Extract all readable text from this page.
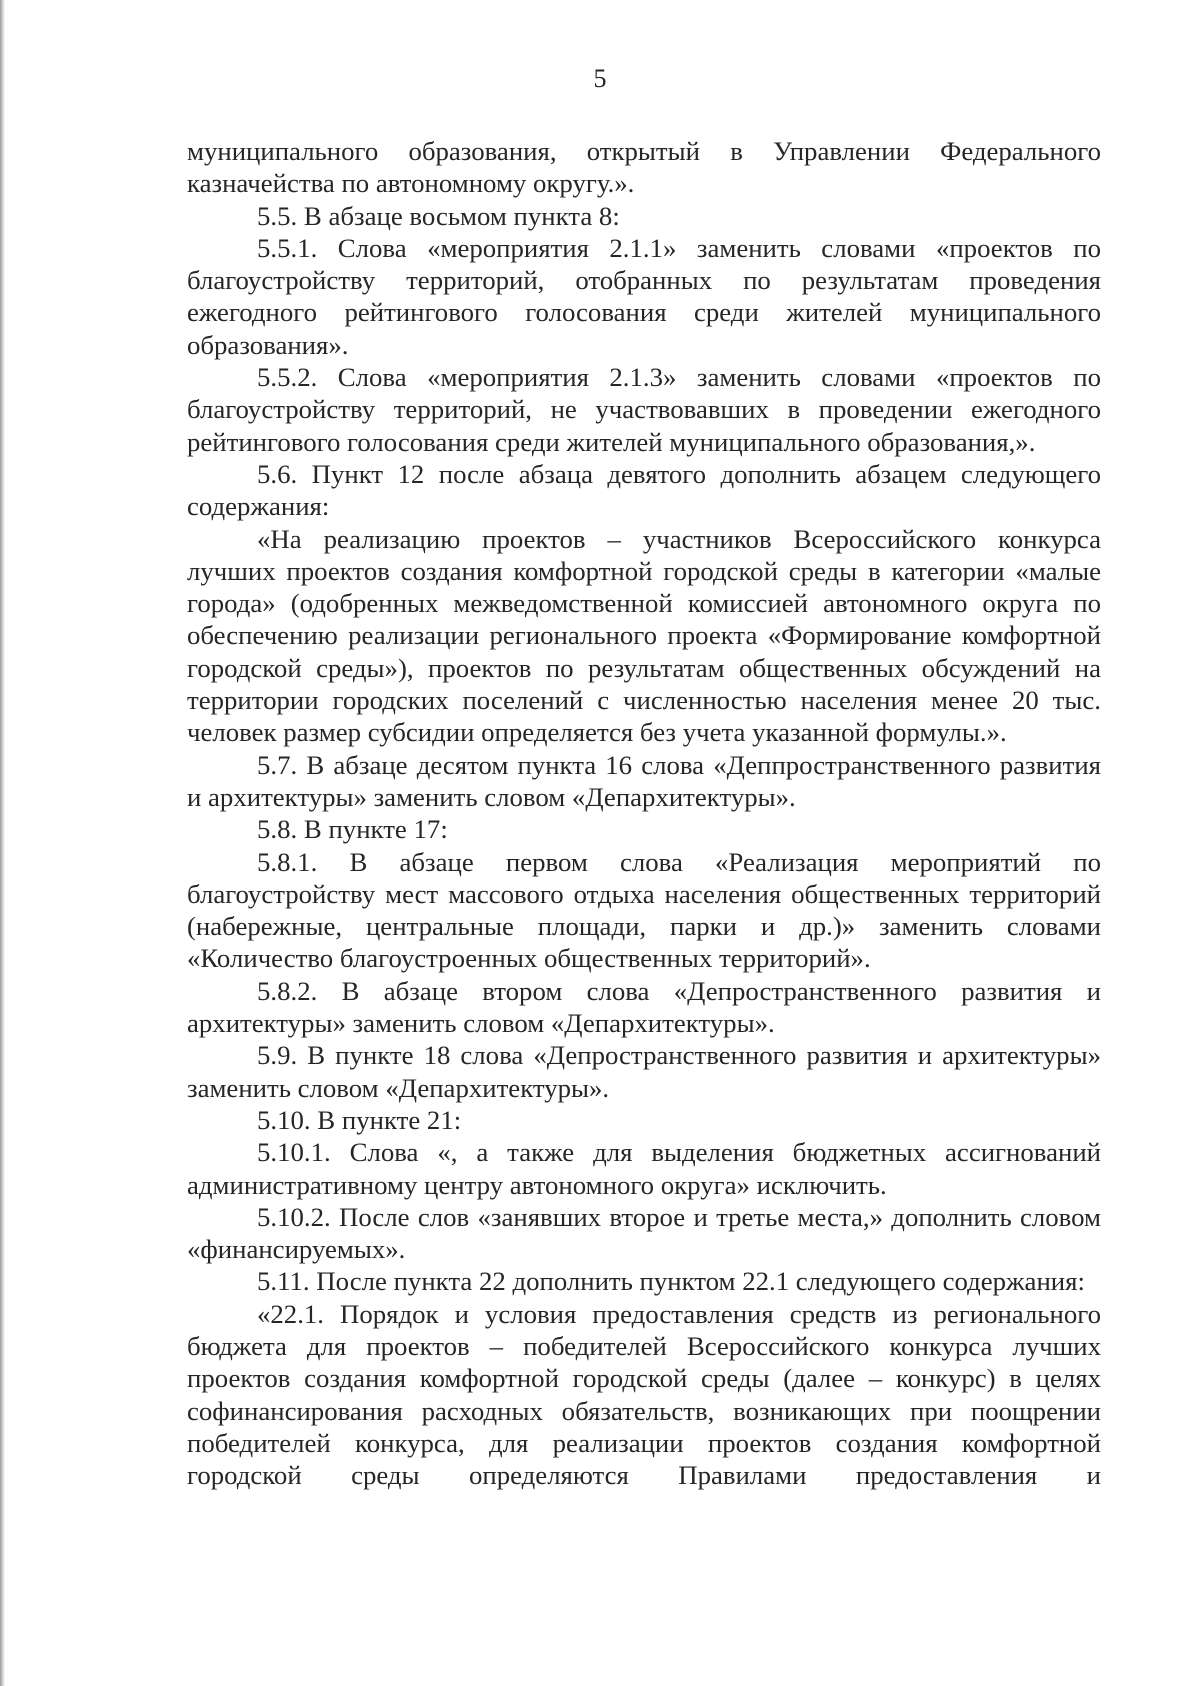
5

муниципального образования, открытый в Управлении Федерального казначейства по автономному округу.».

5.5. В абзаце восьмом пункта 8:

5.5.1. Слова «мероприятия 2.1.1» заменить словами «проектов по благоустройству территорий, отобранных по результатам проведения ежегодного рейтингового голосования среди жителей муниципального образования».

5.5.2. Слова «мероприятия 2.1.3» заменить словами «проектов по благоустройству территорий, не участвовавших в проведении ежегодного рейтингового голосования среди жителей муниципального образования,».

5.6. Пункт 12 после абзаца девятого дополнить абзацем следующего содержания:

«На реализацию проектов – участников Всероссийского конкурса лучших проектов создания комфортной городской среды в категории «малые города» (одобренных межведомственной комиссией автономного округа по обеспечению реализации регионального проекта «Формирование комфортной городской среды»), проектов по результатам общественных обсуждений на территории городских поселений с численностью населения менее 20 тыс. человек размер субсидии определяется без учета указанной формулы.».

5.7. В абзаце десятом пункта 16 слова «Деппространственного развития и архитектуры» заменить словом «Депархитектуры».

5.8. В пункте 17:

5.8.1. В абзаце первом слова «Реализация мероприятий по благоустройству мест массового отдыха населения общественных территорий (набережные, центральные площади, парки и др.)» заменить словами «Количество благоустроенных общественных территорий».

5.8.2. В абзаце втором слова «Депространственного развития и архитектуры» заменить словом «Депархитектуры».

5.9. В пункте 18 слова «Депространственного развития и архитектуры» заменить словом «Депархитектуры».

5.10. В пункте 21:

5.10.1. Слова «, а также для выделения бюджетных ассигнований административному центру автономного округа» исключить.

5.10.2. После слов «занявших второе и третье места,» дополнить словом «финансируемых».

5.11. После пункта 22 дополнить пунктом 22.1 следующего содержания:

«22.1. Порядок и условия предоставления средств из регионального бюджета для проектов – победителей Всероссийского конкурса лучших проектов создания комфортной городской среды (далее – конкурс) в целях софинансирования расходных обязательств, возникающих при поощрении победителей конкурса, для реализации проектов создания комфортной городской среды определяются Правилами предоставления и
